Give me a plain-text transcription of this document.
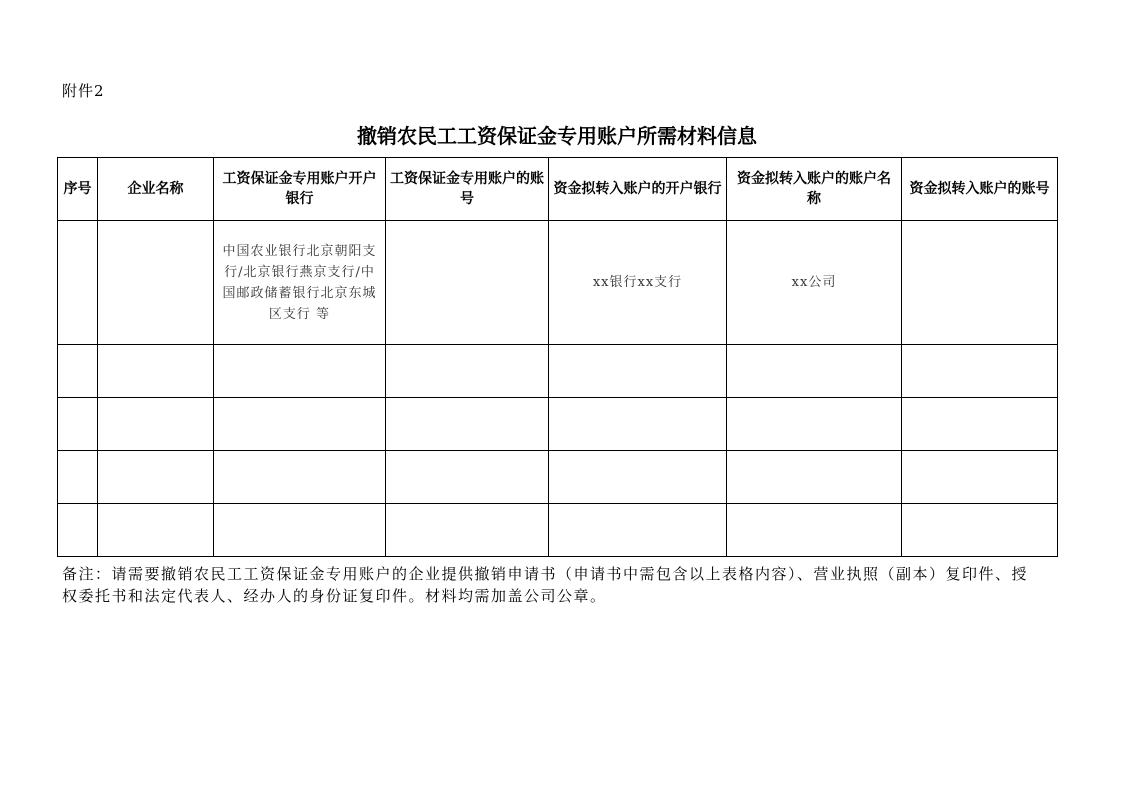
附件2
撤销农民工工资保证金专用账户所需材料信息
序号	企业名称	工资保证金专用账户开户银行	工资保证金专用账户的账号	资金拟转入账户的开户银行	资金拟转入账户的账户名称	资金拟转入账户的账号
		中国农业银行北京朝阳支行/北京银行燕京支行/中国邮政储蓄银行北京东城区支行 等		xx银行xx支行	xx公司	

备注：请需要撤销农民工工资保证金专用账户的企业提供撤销申请书（申请书中需包含以上表格内容）、营业执照（副本）复印件、授权委托书和法定代表人、经办人的身份证复印件。材料均需加盖公司公章。
